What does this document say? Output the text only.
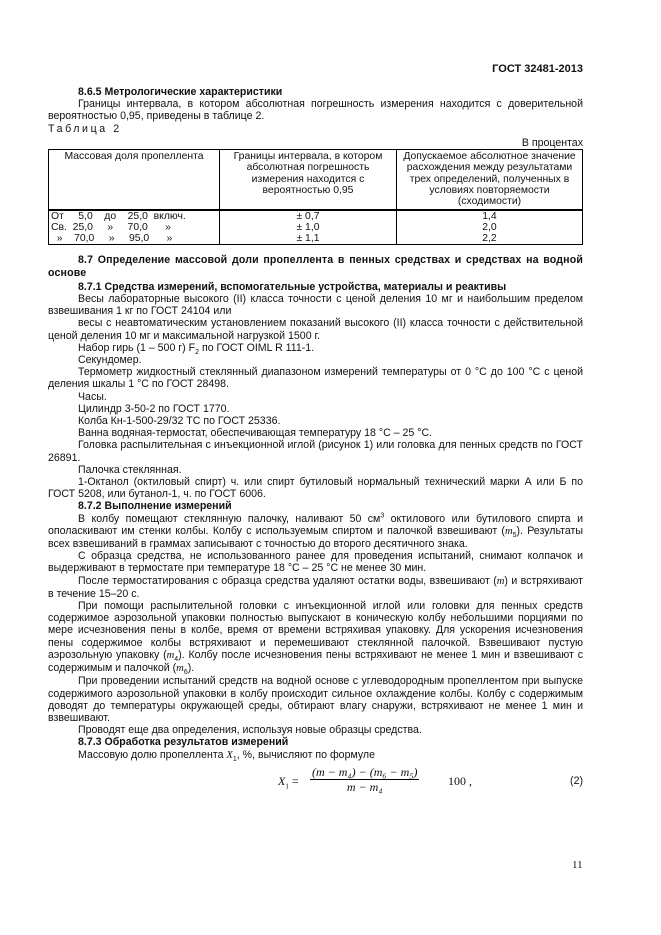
ГОСТ 32481-2013

8.6.5 Метрологические характеристики

Границы интервала, в котором абсолютная погрешность измерения находится с доверительной вероятностью 0,95, приведены в таблице 2.

Таблица 2

В процентах

Массовая доля пропеллента	Границы интервала, в котором абсолютная погрешность измерения находится с вероятностью 0,95	Допускаемое абсолютное значение расхождения между результатами трех определений, полученных в условиях повторяемости (сходимости)
От     5,0    до    25,0  включ.	± 0,7	1,4
Св.  25,0     »     70,0      »	± 1,0	2,0
»    70,0     »     95,0      »	± 1,1	2,2

8.7 Определение массовой доли пропеллента в пенных средствах и средствах на водной основе

8.7.1 Средства измерений, вспомогательные устройства, материалы и реактивы

Весы лабораторные высокого (II) класса точности с ценой деления 10 мг и наибольшим пределом взвешивания 1 кг по ГОСТ 24104 или

весы с неавтоматическим установлением показаний высокого (II) класса точности с действительной ценой деления 10 мг и максимальной нагрузкой 1500 г.

Набор гирь (1 – 500 г) $F_2$ по ГОСТ OIML R 111-1.

Секундомер.

Термометр жидкостный стеклянный диапазоном измерений температуры от 0 °С до 100 °С с ценой деления шкалы 1 °С по ГОСТ 28498.

Часы.

Цилиндр 3-50-2 по ГОСТ 1770.

Колба Кн-1-500-29/32 ТС по ГОСТ 25336.

Ванна водяная-термостат, обеспечивающая температуру 18 °С – 25 °С.

Головка распылительная с инъекционной иглой (рисунок 1) или головка для пенных средств по ГОСТ 26891.

Палочка стеклянная.

1-Октанол (октиловый спирт) ч. или спирт бутиловый нормальный технический марки А или Б по ГОСТ 5208, или бутанол-1, ч. по ГОСТ 6006.

8.7.2 Выполнение измерений

В колбу помещают стеклянную палочку, наливают 50 $см^3$ октилового или бутилового спирта и ополаскивают им стенки колбы. Колбу с используемым спиртом и палочкой взвешивают $(m_5)$. Результаты всех взвешиваний в граммах записывают с точностью до второго десятичного знака.

С образца средства, не использованного ранее для проведения испытаний, снимают колпачок и выдерживают в термостате при температуре 18 °С – 25 °С не менее 30 мин.

После термостатирования с образца средства удаляют остатки воды, взвешивают (m) и встряхивают в течение 15–20 с.

При помощи распылительной головки с инъекционной иглой или головки для пенных средств содержимое аэрозольной упаковки полностью выпускают в коническую колбу небольшими порциями по мере исчезновения пены в колбе, время от времени встряхивая упаковку. Для ускорения исчезновения пены содержимое колбы встряхивают и перемешивают стеклянной палочкой. Взвешивают пустую аэрозольную упаковку $(m_4)$. Колбу после исчезновения пены встряхивают не менее 1 мин и взвешивают с содержимым и палочкой $(m_6)$.

При проведении испытаний средств на водной основе с углеводородным пропеллентом при выпуске содержимого аэрозольной упаковки в колбу происходит сильное охлаждение колбы. Колбу с содержимым доводят до температуры окружающей среды, обтирают влагу снаружи, встряхивают не менее 1 мин и взвешивают.

Проводят еще два определения, используя новые образцы средства.

8.7.3 Обработка результатов измерений

Массовую долю пропеллента $X_1$, %, вычисляют по формуле

$X_1 = \frac{\text{(m − m₄) − (m₆ − m₅)}}{\text{m − m₄}} 100$ ,	(2)
11
